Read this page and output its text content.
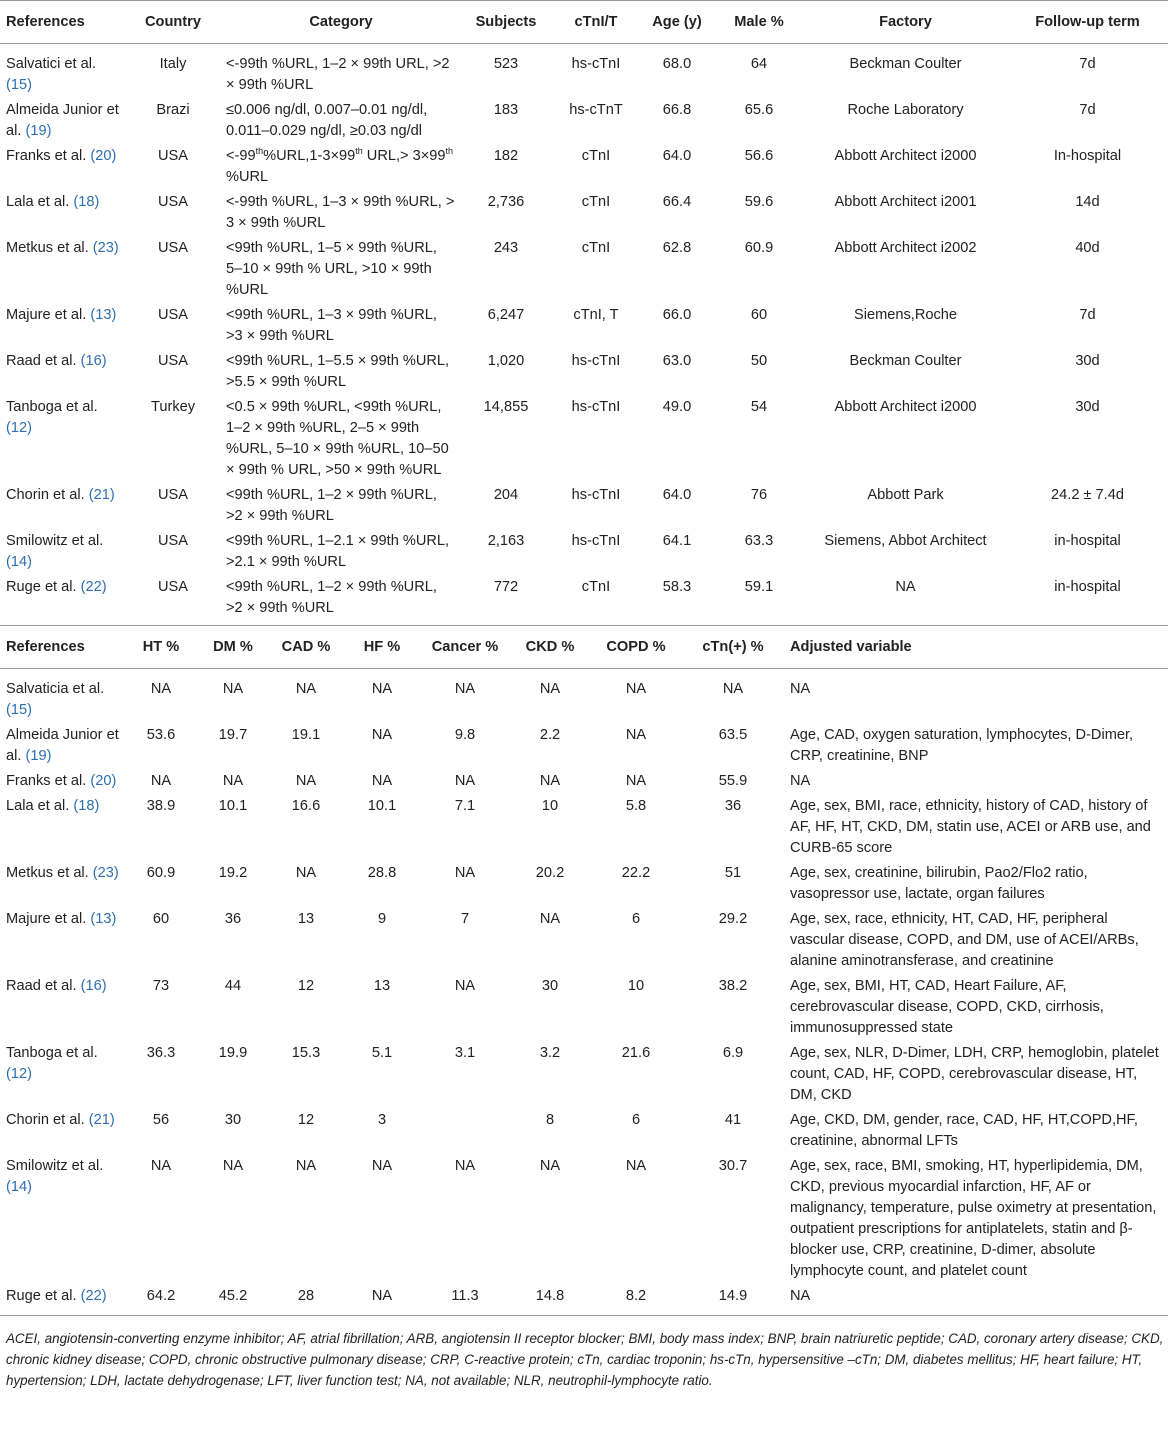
References	Country	Category	Subjects	cTnI/T	Age (y)	Male %	Factory	Follow-up term
Salvatici et al. (15)	Italy	<-99th %URL, 1–2 × 99th URL, >2 × 99th %URL	523	hs-cTnI	68.0	64	Beckman Coulter	7d
Almeida Junior et al. (19)	Brazi	≤0.006 ng/dl, 0.007–0.01 ng/dl, 0.011–0.029 ng/dl, ≥0.03 ng/dl	183	hs-cTnT	66.8	65.6	Roche Laboratory	7d
Franks et al. (20)	USA	<-99th%URL,1-3×99th URL,> 3×99th %URL	182	cTnI	64.0	56.6	Abbott Architect i2000	In-hospital
Lala et al. (18)	USA	<-99th %URL, 1–3 × 99th %URL, > 3 × 99th %URL	2,736	cTnI	66.4	59.6	Abbott Architect i2001	14d
Metkus et al. (23)	USA	<99th %URL, 1–5 × 99th %URL, 5–10 × 99th % URL, >10 × 99th %URL	243	cTnI	62.8	60.9	Abbott Architect i2002	40d
Majure et al. (13)	USA	<99th %URL, 1–3 × 99th %URL, >3 × 99th %URL	6,247	cTnI, T	66.0	60	Siemens,Roche	7d
Raad et al. (16)	USA	<99th %URL, 1–5.5 × 99th %URL, >5.5 × 99th %URL	1,020	hs-cTnI	63.0	50	Beckman Coulter	30d
Tanboga et al. (12)	Turkey	<0.5 × 99th %URL, <99th %URL, 1–2 × 99th %URL, 2–5 × 99th %URL, 5–10 × 99th %URL, 10–50 × 99th % URL, >50 × 99th %URL	14,855	hs-cTnI	49.0	54	Abbott Architect i2000	30d
Chorin et al. (21)	USA	<99th %URL, 1–2 × 99th %URL, >2 × 99th %URL	204	hs-cTnI	64.0	76	Abbott Park	24.2 ± 7.4d
Smilowitz et al. (14)	USA	<99th %URL, 1–2.1 × 99th %URL, >2.1 × 99th %URL	2,163	hs-cTnI	64.1	63.3	Siemens, Abbot Architect	in-hospital
Ruge et al. (22)	USA	<99th %URL, 1–2 × 99th %URL, >2 × 99th %URL	772	cTnI	58.3	59.1	NA	in-hospital
References	HT %	DM %	CAD %	HF %	Cancer %	CKD %	COPD %	cTn(+) %	Adjusted variable
Salvaticia et al. (15)	NA	NA	NA	NA	NA	NA	NA	NA	NA
Almeida Junior et al. (19)	53.6	19.7	19.1	NA	9.8	2.2	NA	63.5	Age, CAD, oxygen saturation, lymphocytes, D-Dimer, CRP, creatinine, BNP
Franks et al. (20)	NA	NA	NA	NA	NA	NA	NA	55.9	NA
Lala et al. (18)	38.9	10.1	16.6	10.1	7.1	10	5.8	36	Age, sex, BMI, race, ethnicity, history of CAD, history of AF, HF, HT, CKD, DM, statin use, ACEI or ARB use, and CURB-65 score
Metkus et al. (23)	60.9	19.2	NA	28.8	NA	20.2	22.2	51	Age, sex, creatinine, bilirubin, Pao2/Flo2 ratio, vasopressor use, lactate, organ failures
Majure et al. (13)	60	36	13	9	7	NA	6	29.2	Age, sex, race, ethnicity, HT, CAD, HF, peripheral vascular disease, COPD, and DM, use of ACEI/ARBs, alanine aminotransferase, and creatinine
Raad et al. (16)	73	44	12	13	NA	30	10	38.2	Age, sex, BMI, HT, CAD, Heart Failure, AF, cerebrovascular disease, COPD, CKD, cirrhosis, immunosuppressed state
Tanboga et al. (12)	36.3	19.9	15.3	5.1	3.1	3.2	21.6	6.9	Age, sex, NLR, D-Dimer, LDH, CRP, hemoglobin, platelet count, CAD, HF, COPD, cerebrovascular disease, HT, DM, CKD
Chorin et al. (21)	56	30	12	3		8	6	41	Age, CKD, DM, gender, race, CAD, HF, HT,COPD,HF, creatinine, abnormal LFTs
Smilowitz et al. (14)	NA	NA	NA	NA	NA	NA	NA	30.7	Age, sex, race, BMI, smoking, HT, hyperlipidemia, DM, CKD, previous myocardial infarction, HF, AF or malignancy, temperature, pulse oximetry at presentation, outpatient prescriptions for antiplatelets, statin and β-blocker use, CRP, creatinine, D-dimer, absolute lymphocyte count, and platelet count
Ruge et al. (22)	64.2	45.2	28	NA	11.3	14.8	8.2	14.9	NA
ACEI, angiotensin-converting enzyme inhibitor; AF, atrial fibrillation; ARB, angiotensin II receptor blocker; BMI, body mass index; BNP, brain natriuretic peptide; CAD, coronary artery disease; CKD, chronic kidney disease; COPD, chronic obstructive pulmonary disease; CRP, C-reactive protein; cTn, cardiac troponin; hs-cTn, hypersensitive –cTn; DM, diabetes mellitus; HF, heart failure; HT, hypertension; LDH, lactate dehydrogenase; LFT, liver function test; NA, not available; NLR, neutrophil-lymphocyte ratio.
